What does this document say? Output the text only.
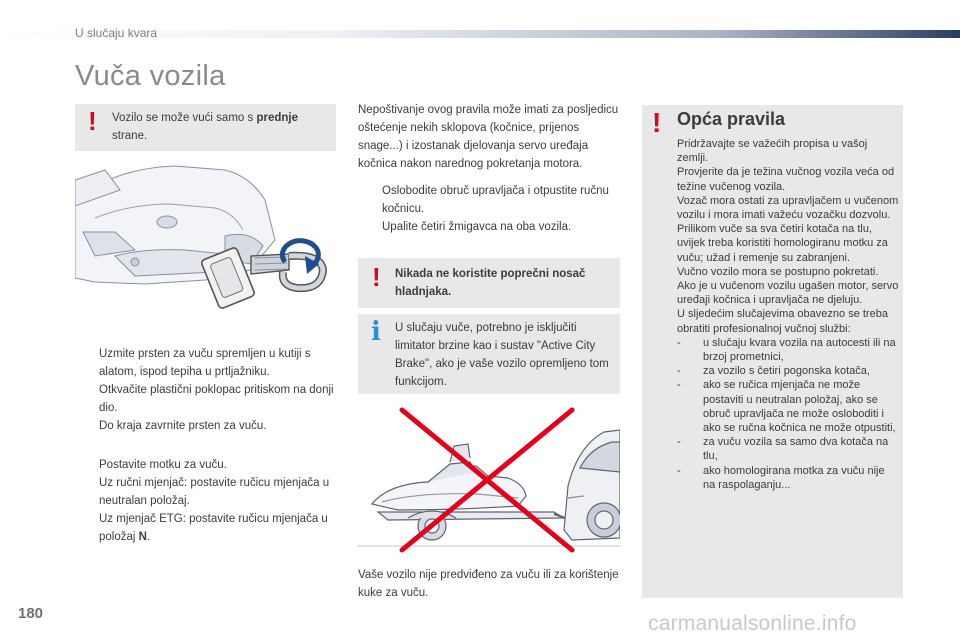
U slučaju kvara
Vuča vozila
! Vozilo se može vući samo s prednje
strane.
Uzmite prsten za vuču spremljen u kutiji s alatom, ispod tepiha u prtljažniku.
Otkvačite plastični poklopac pritiskom na donji dio.
Do kraja zavrnite prsten za vuču.
Postavite motku za vuču.
Uz ručni mjenjač: postavite ručicu mjenjača u neutralan položaj.
Uz mjenjač ETG: postavite ručicu mjenjača u položaj N.
Nepoštivanje ovog pravila može imati za posljedicu oštećenje nekih sklopova (kočnice, prijenos snage...) i izostanak djelovanja servo uređaja kočnica nakon narednog pokretanja motora.
Oslobodite obruč upravljača i otpustite ručnu kočnicu.
Upalite četiri žmigavca na oba vozila.
! Nikada ne koristite poprečni nosač hladnjaka.
i U slučaju vuče, potrebno je isključiti limitator brzine kao i sustav "Active City Brake", ako je vaše vozilo opremljeno tom funkcijom.
Vaše vozilo nije predviđeno za vuču ili za korištenje kuke za vuču.
! Opća pravila

Pridržavajte se važećih propisa u vašoj zemlji.

Provjerite da je težina vučnog vozila veća od težine vučenog vozila.

Vozač mora ostati za upravljačem u vučenom vozilu i mora imati važeću vozačku dozvolu.

Prilikom vuče sa sva četiri kotača na tlu, uvijek treba koristiti homologiranu motku za vuču; užad i remenje su zabranjeni.

Vučno vozilo mora se postupno pokretati.

Ako je u vučenom vozilu ugašen motor, servo uređaji kočnica i upravljača ne djeluju.

U sljedećim slučajevima obavezno se treba obratiti profesionalnoj vučnoj službi:

- u slučaju kvara vozila na autocesti ili na brzoj prometnici,
- za vozilo s četiri pogonska kotača,
- ako se ručica mjenjača ne može postaviti u neutralan položaj, ako se obruč upravljača ne može osloboditi i ako se ručna kočnica ne može otpustiti,
- za vuču vozila sa samo dva kotača na tlu,
- ako homologirana motka za vuču nije na raspolaganju...
180	carmanualsonline.info
